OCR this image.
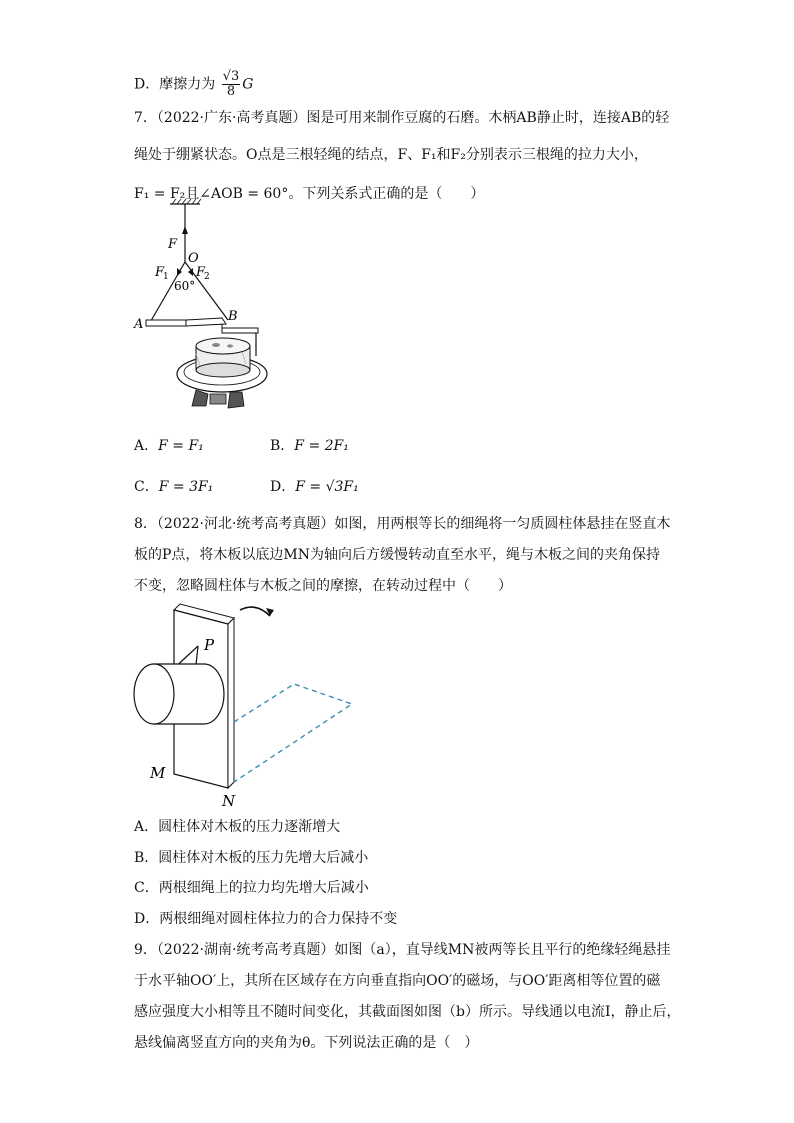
D．摩擦力为 $\frac{√3}{8}$ G
7．（2022·广东·高考真题）图是可用来制作豆腐的石磨。木柄AB静止时，连接AB的轻
绳处于绷紧状态。O点是三根轻绳的结点，F、F₁和F₂分别表示三根绳的拉力大小，
F₁ = F₂且∠AOB = 60°。下列关系式正确的是（　　）
F
O
F
1 F
2
60°
A
B
A．F = F₁	B．F = 2F₁
C．F = 3F₁	D．F = √3F₁
8．（2022·河北·统考高考真题）如图，用两根等长的细绳将一匀质圆柱体悬挂在竖直木
板的P点，将木板以底边MN为轴向后方缓慢转动直至水平，绳与木板之间的夹角保持
不变，忽略圆柱体与木板之间的摩擦，在转动过程中（　　）
P
M
N
A．圆柱体对木板的压力逐渐增大
B．圆柱体对木板的压力先增大后减小
C．两根细绳上的拉力均先增大后减小
D．两根细绳对圆柱体拉力的合力保持不变
9．（2022·湖南·统考高考真题）如图（a），直导线MN被两等长且平行的绝缘轻绳悬挂
于水平轴OO′上，其所在区域存在方向垂直指向OO′的磁场，与OO′距离相等位置的磁
感应强度大小相等且不随时间变化，其截面图如图（b）所示。导线通以电流I，静止后，
悬线偏离竖直方向的夹角为θ。下列说法正确的是（　）
